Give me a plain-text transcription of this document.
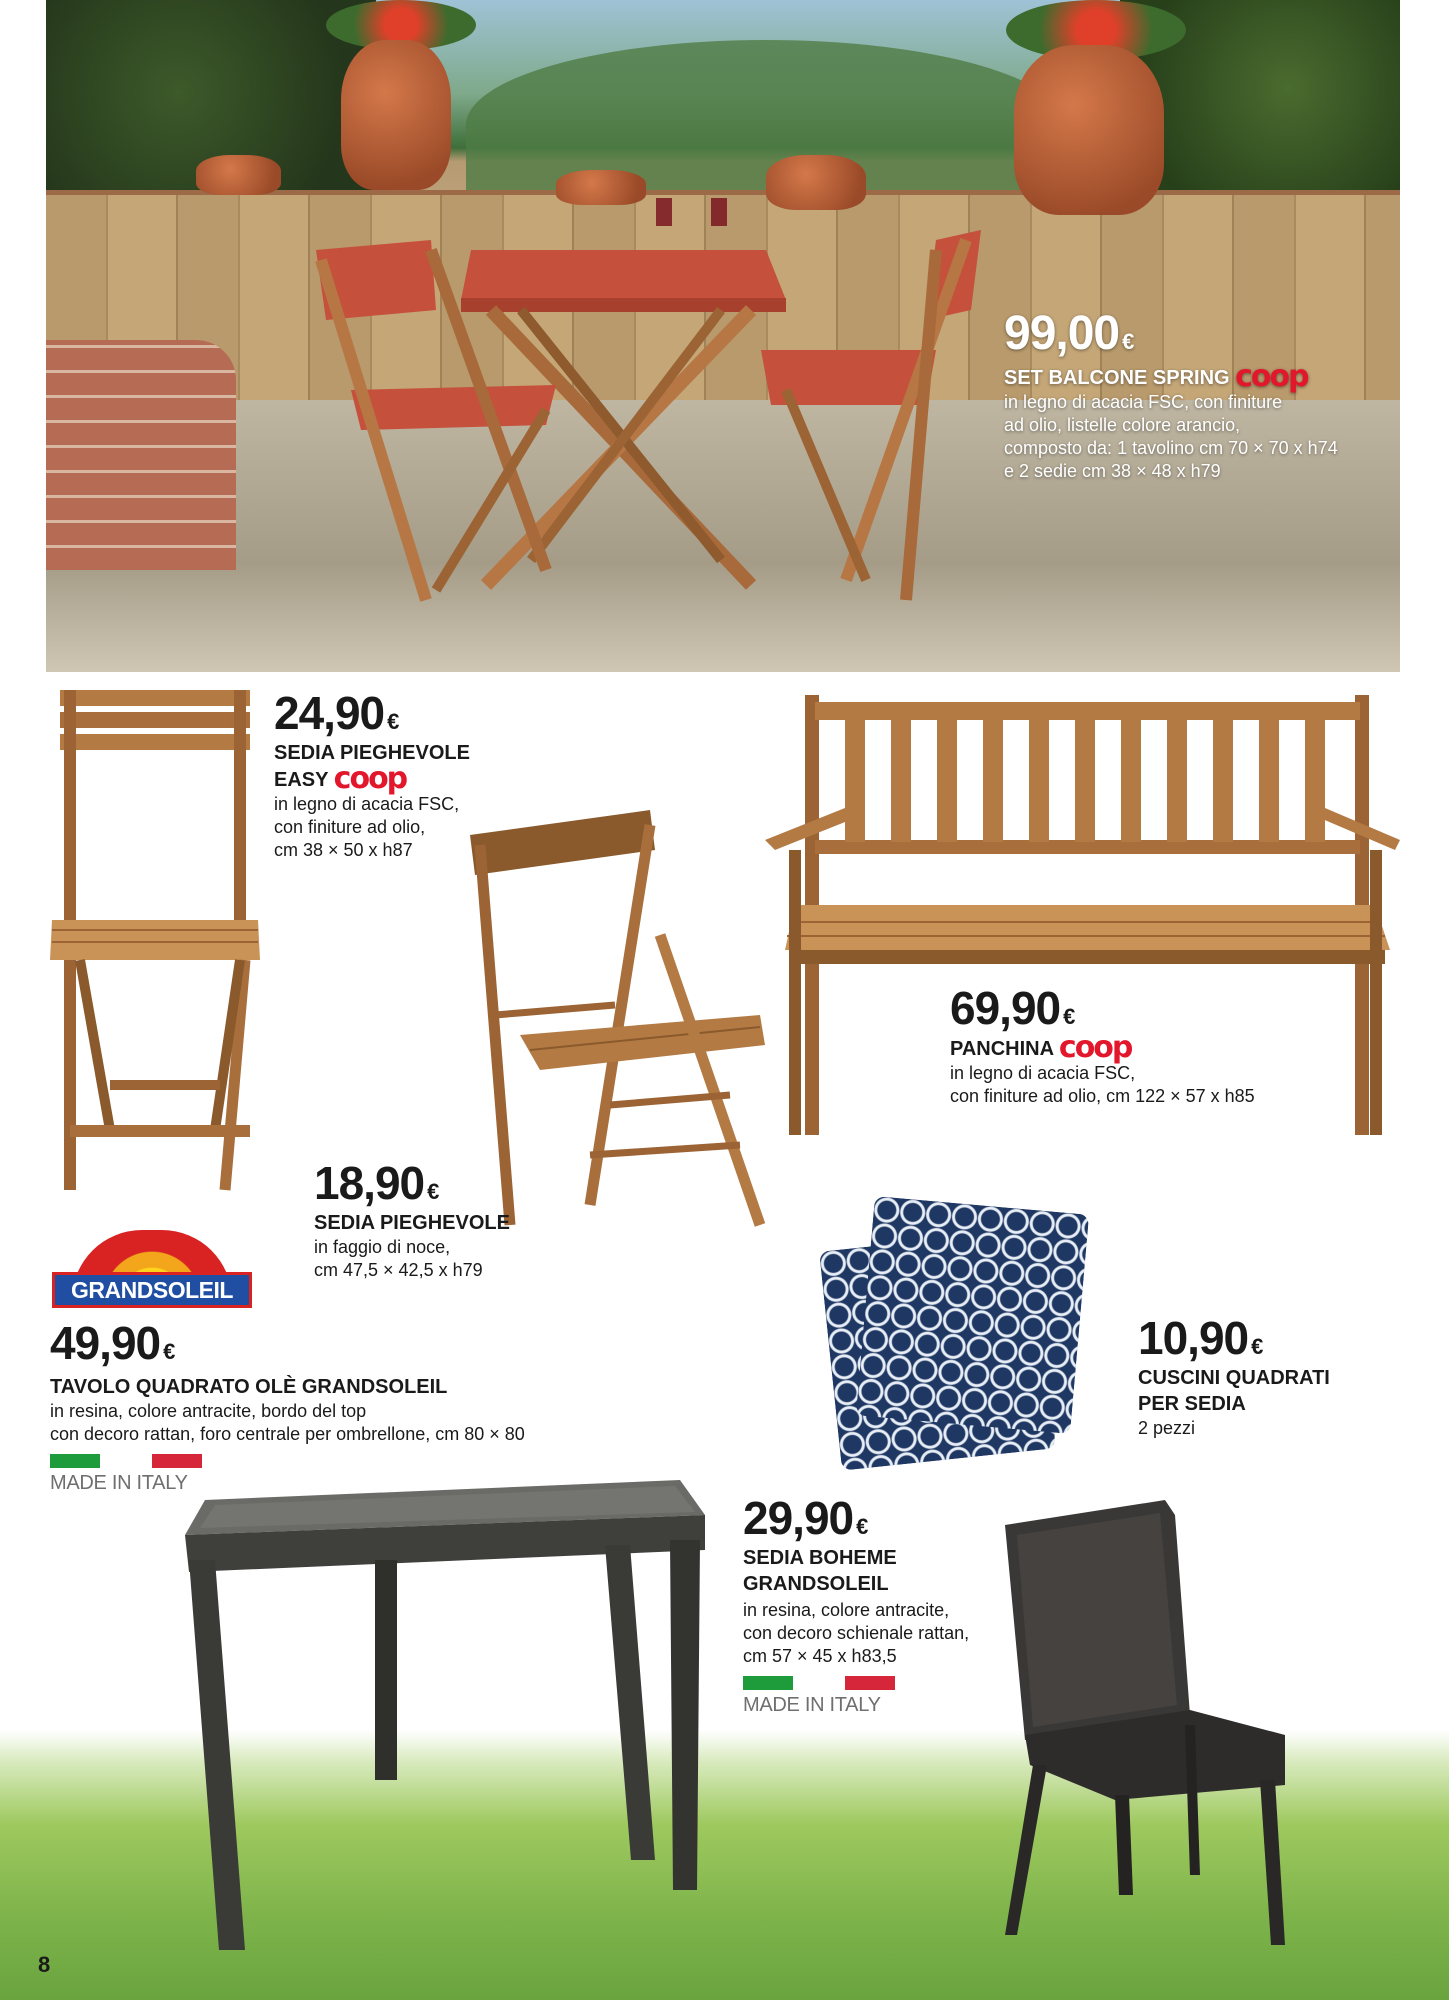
99,00 €
SET BALCONE SPRING coop
in legno di acacia FSC, con finiture
ad olio, listelle colore arancio,
composto da: 1 tavolino cm 70 × 70 x h74
e 2 sedie cm 38 × 48 x h79
24,90 €
SEDIA PIEGHEVOLE
EASY coop
in legno di acacia FSC,
con finiture ad olio,
cm 38 × 50 x h87
18,90 €
SEDIA PIEGHEVOLE
in faggio di noce,
cm 47,5 × 42,5 x h79
69,90 €
PANCHINA coop
in legno di acacia FSC,
con finiture ad olio, cm 122 × 57 x h85
10,90 €
CUSCINI QUADRATI
PER SEDIA
2 pezzi
GRANDSOLEIL
49,90 €
TAVOLO QUADRATO OLÈ GRANDSOLEIL
in resina, colore antracite, bordo del top
con decoro rattan, foro centrale per ombrellone, cm 80 × 80
MADE IN ITALY
29,90 €
SEDIA BOHEME
GRANDSOLEIL
in resina, colore antracite,
con decoro schienale rattan,
cm 57 × 45 x h83,5
MADE IN ITALY
8
